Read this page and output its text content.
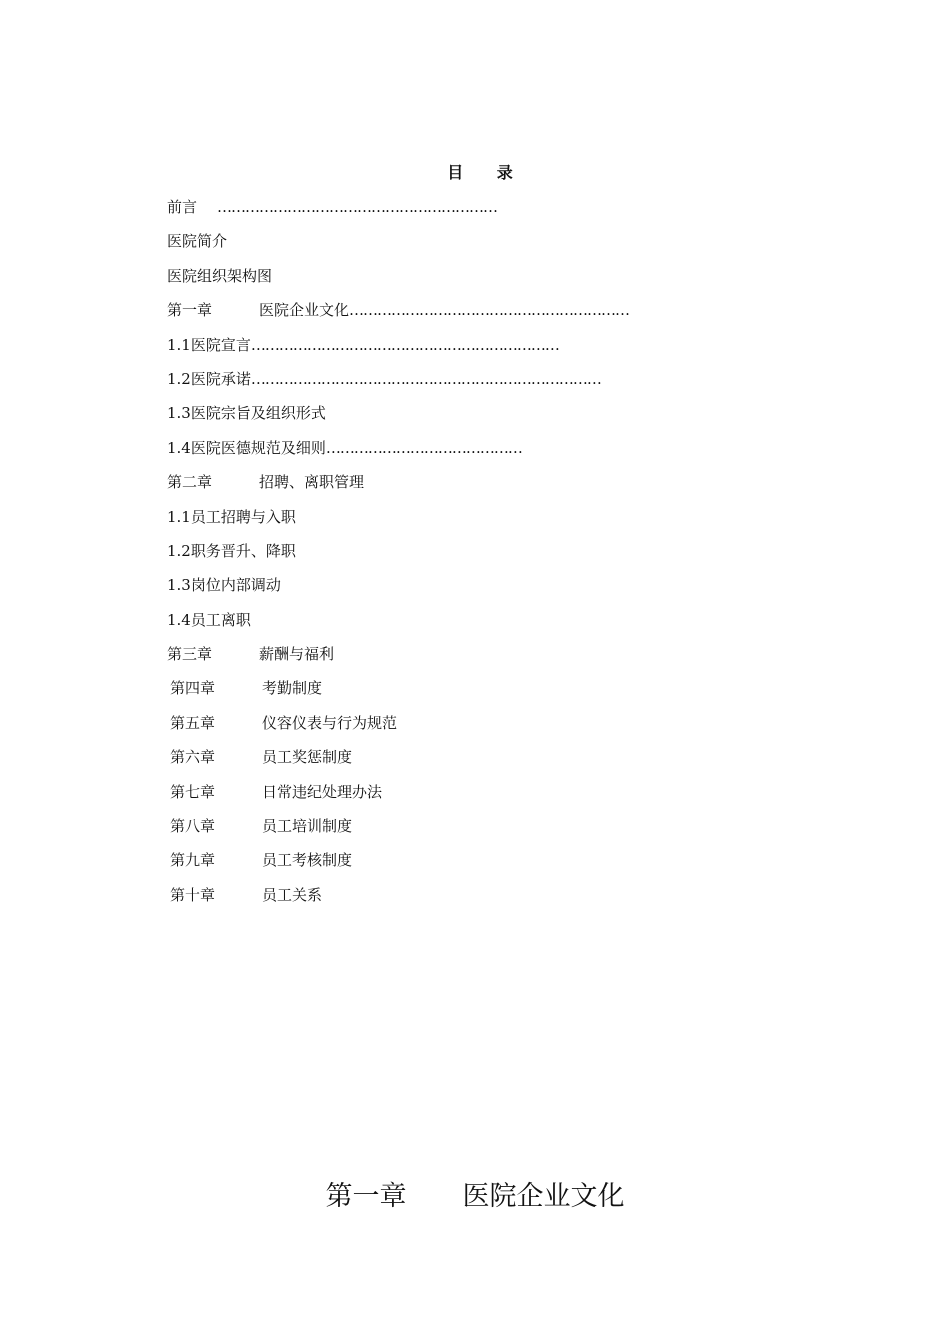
目 录
前言 ……………………………………………………
医院简介
医院组织架构图
第一章	医院企业文化 ……………………………………………………
1.1医院宣言 …………………………………………………………
1.2医院承诺 …………………………………………………………………
1.3医院宗旨及组织形式
1.4医院医德规范及细则 ……………………………………
第二章	招聘、离职管理
1.1员工招聘与入职
1.2职务晋升、降职
1.3岗位内部调动
1.4员工离职
第三章	薪酬与福利
第四章	考勤制度
第五章	仪容仪表与行为规范
第六章	员工奖惩制度
第七章	日常违纪处理办法
第八章	员工培训制度
第九章	员工考核制度
第十章	员工关系
第一章 医院企业文化
